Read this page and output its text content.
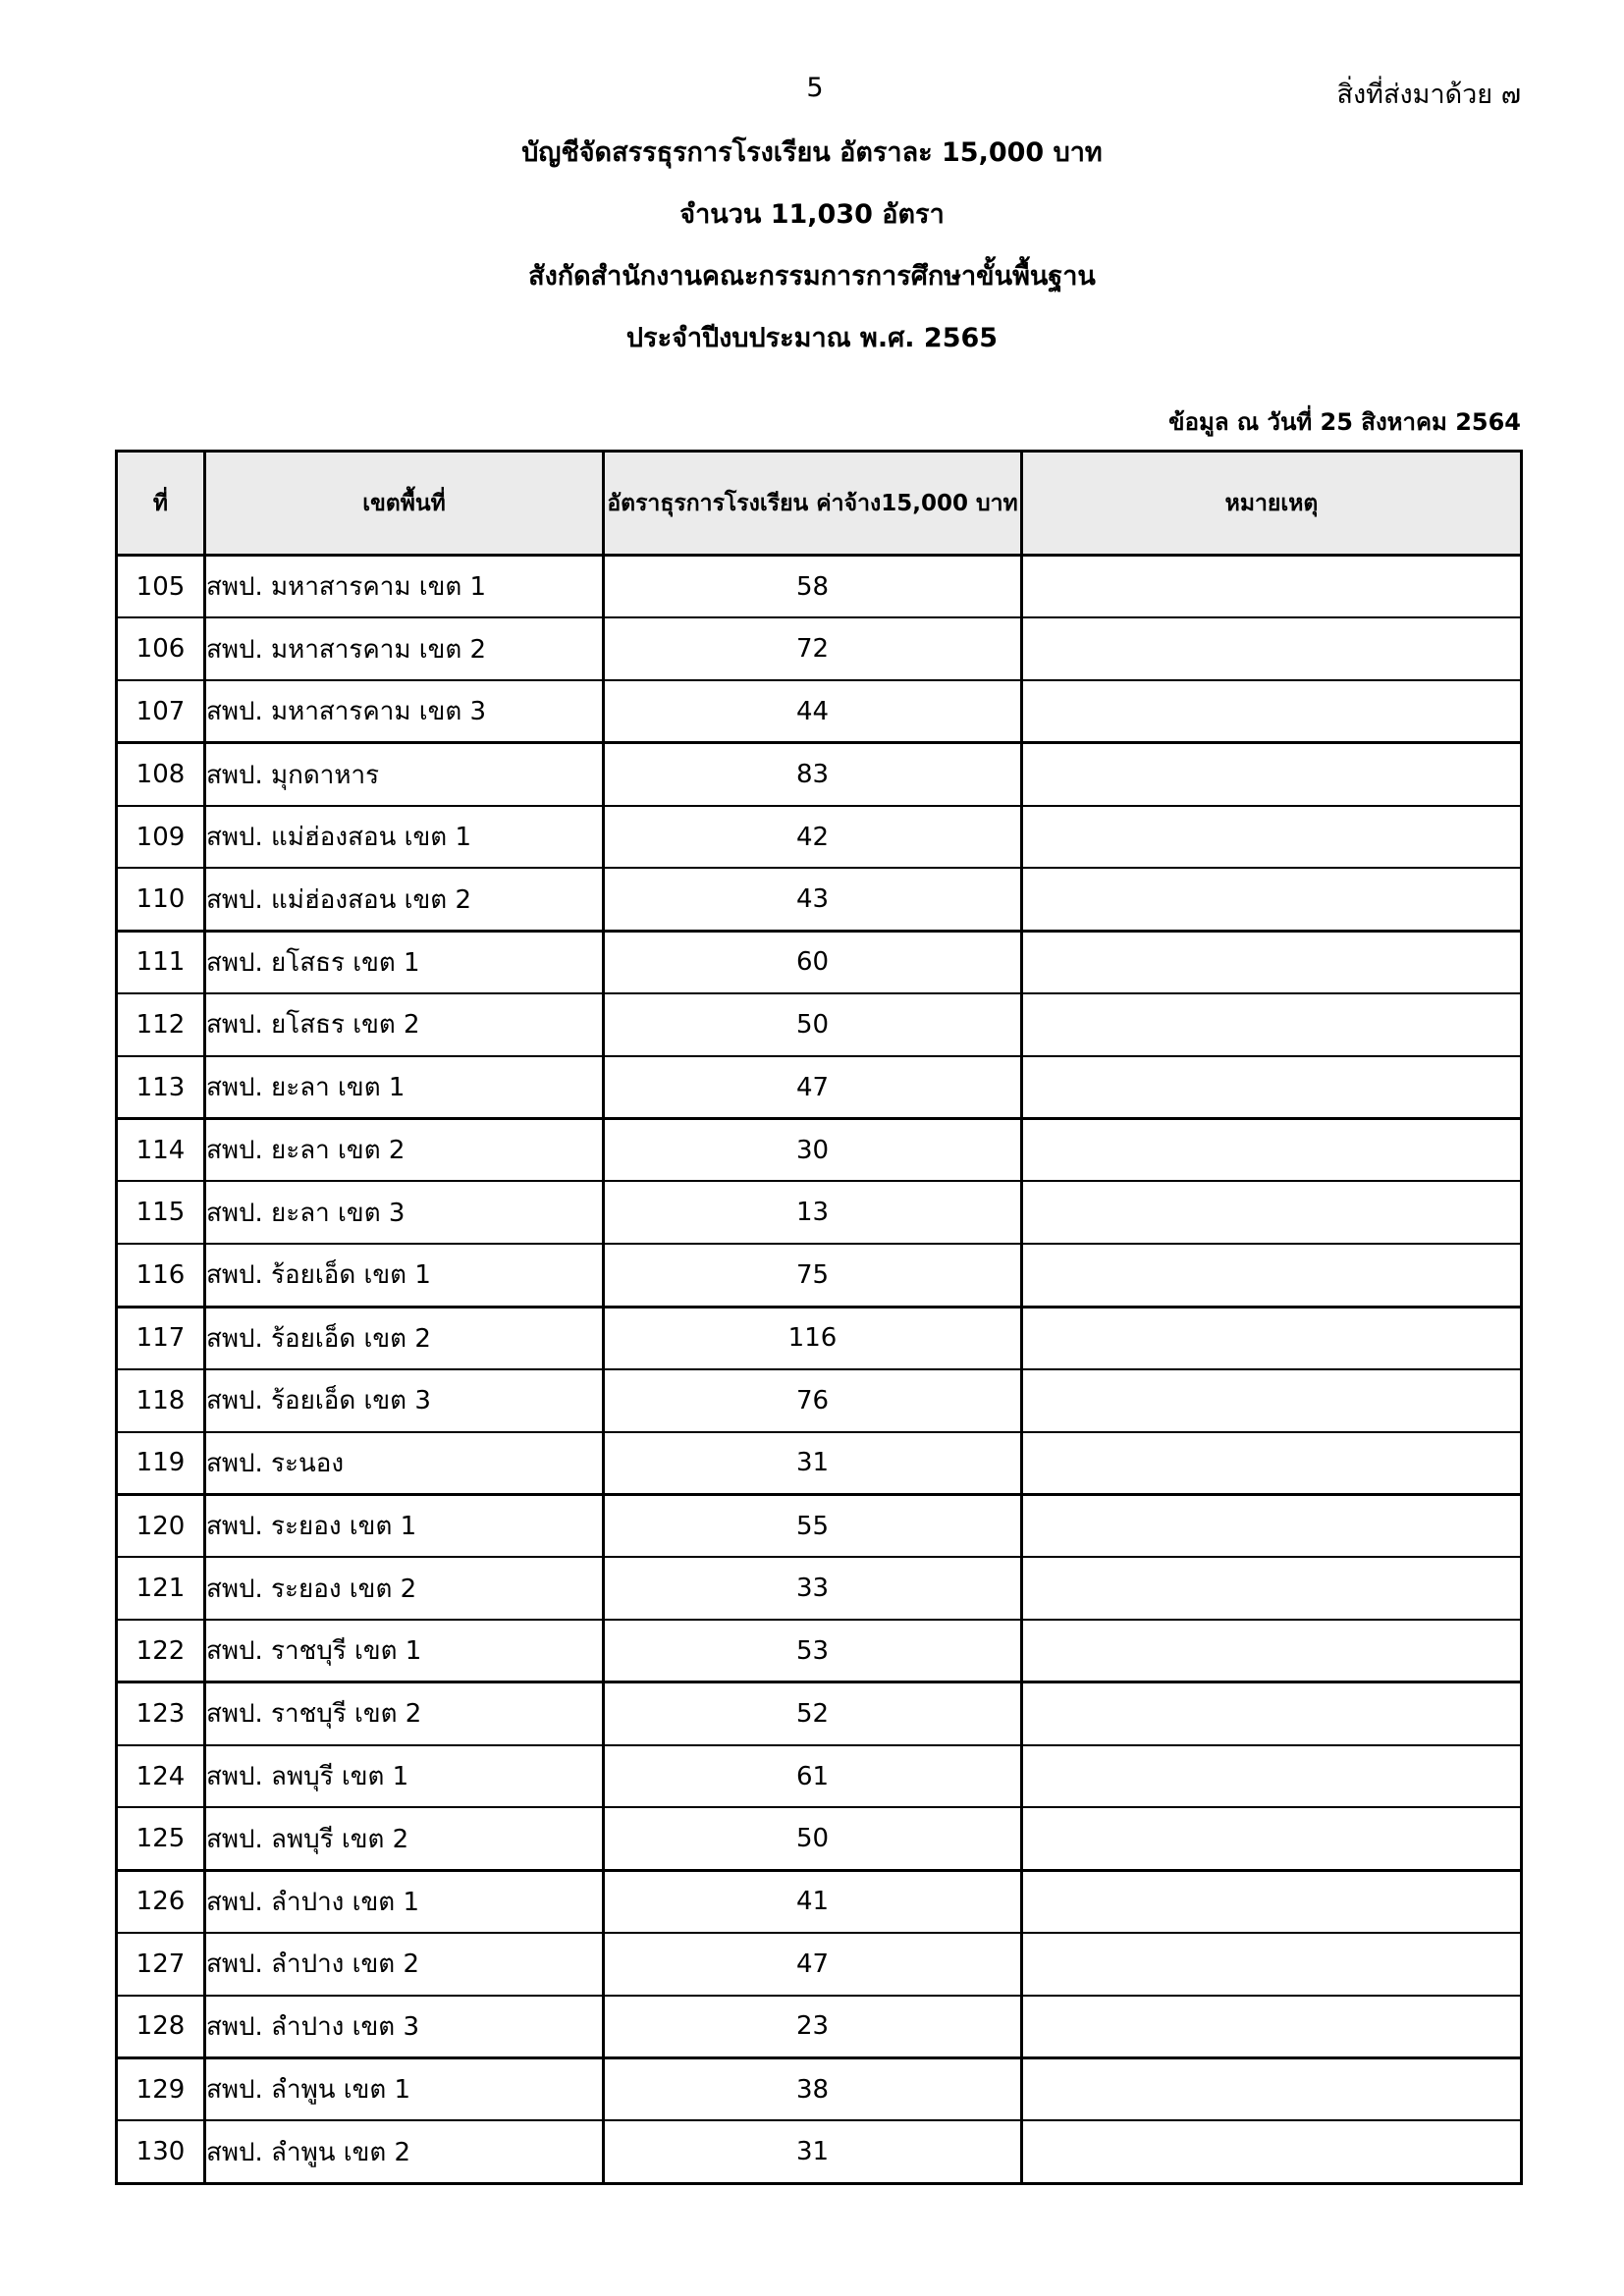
5	สิ่งที่ส่งมาด้วย ๗
บัญชีจัดสรรธุรการโรงเรียน อัตราละ 15,000 บาท
จำนวน 11,030 อัตรา
สังกัดสำนักงานคณะกรรมการการศึกษาขั้นพื้นฐาน
ประจำปีงบประมาณ พ.ศ. 2565
ข้อมูล ณ วันที่ 25 สิงหาคม 2564
ที่	เขตพื้นที่	อัตราธุรการโรงเรียน ค่าจ้าง15,000 บาท	หมายเหตุ
105	สพป. มหาสารคาม เขต 1	58	
106	สพป. มหาสารคาม เขต 2	72	
107	สพป. มหาสารคาม เขต 3	44	
108	สพป. มุกดาหาร	83	
109	สพป. แม่ฮ่องสอน เขต 1	42	
110	สพป. แม่ฮ่องสอน เขต 2	43	
111	สพป. ยโสธร เขต 1	60	
112	สพป. ยโสธร เขต 2	50	
113	สพป. ยะลา เขต 1	47	
114	สพป. ยะลา เขต 2	30	
115	สพป. ยะลา เขต 3	13	
116	สพป. ร้อยเอ็ด เขต 1	75	
117	สพป. ร้อยเอ็ด เขต 2	116	
118	สพป. ร้อยเอ็ด เขต 3	76	
119	สพป. ระนอง	31	
120	สพป. ระยอง เขต 1	55	
121	สพป. ระยอง เขต 2	33	
122	สพป. ราชบุรี เขต 1	53	
123	สพป. ราชบุรี เขต 2	52	
124	สพป. ลพบุรี เขต 1	61	
125	สพป. ลพบุรี เขต 2	50	
126	สพป. ลำปาง เขต 1	41	
127	สพป. ลำปาง เขต 2	47	
128	สพป. ลำปาง เขต 3	23	
129	สพป. ลำพูน เขต 1	38	
130	สพป. ลำพูน เขต 2	31	
